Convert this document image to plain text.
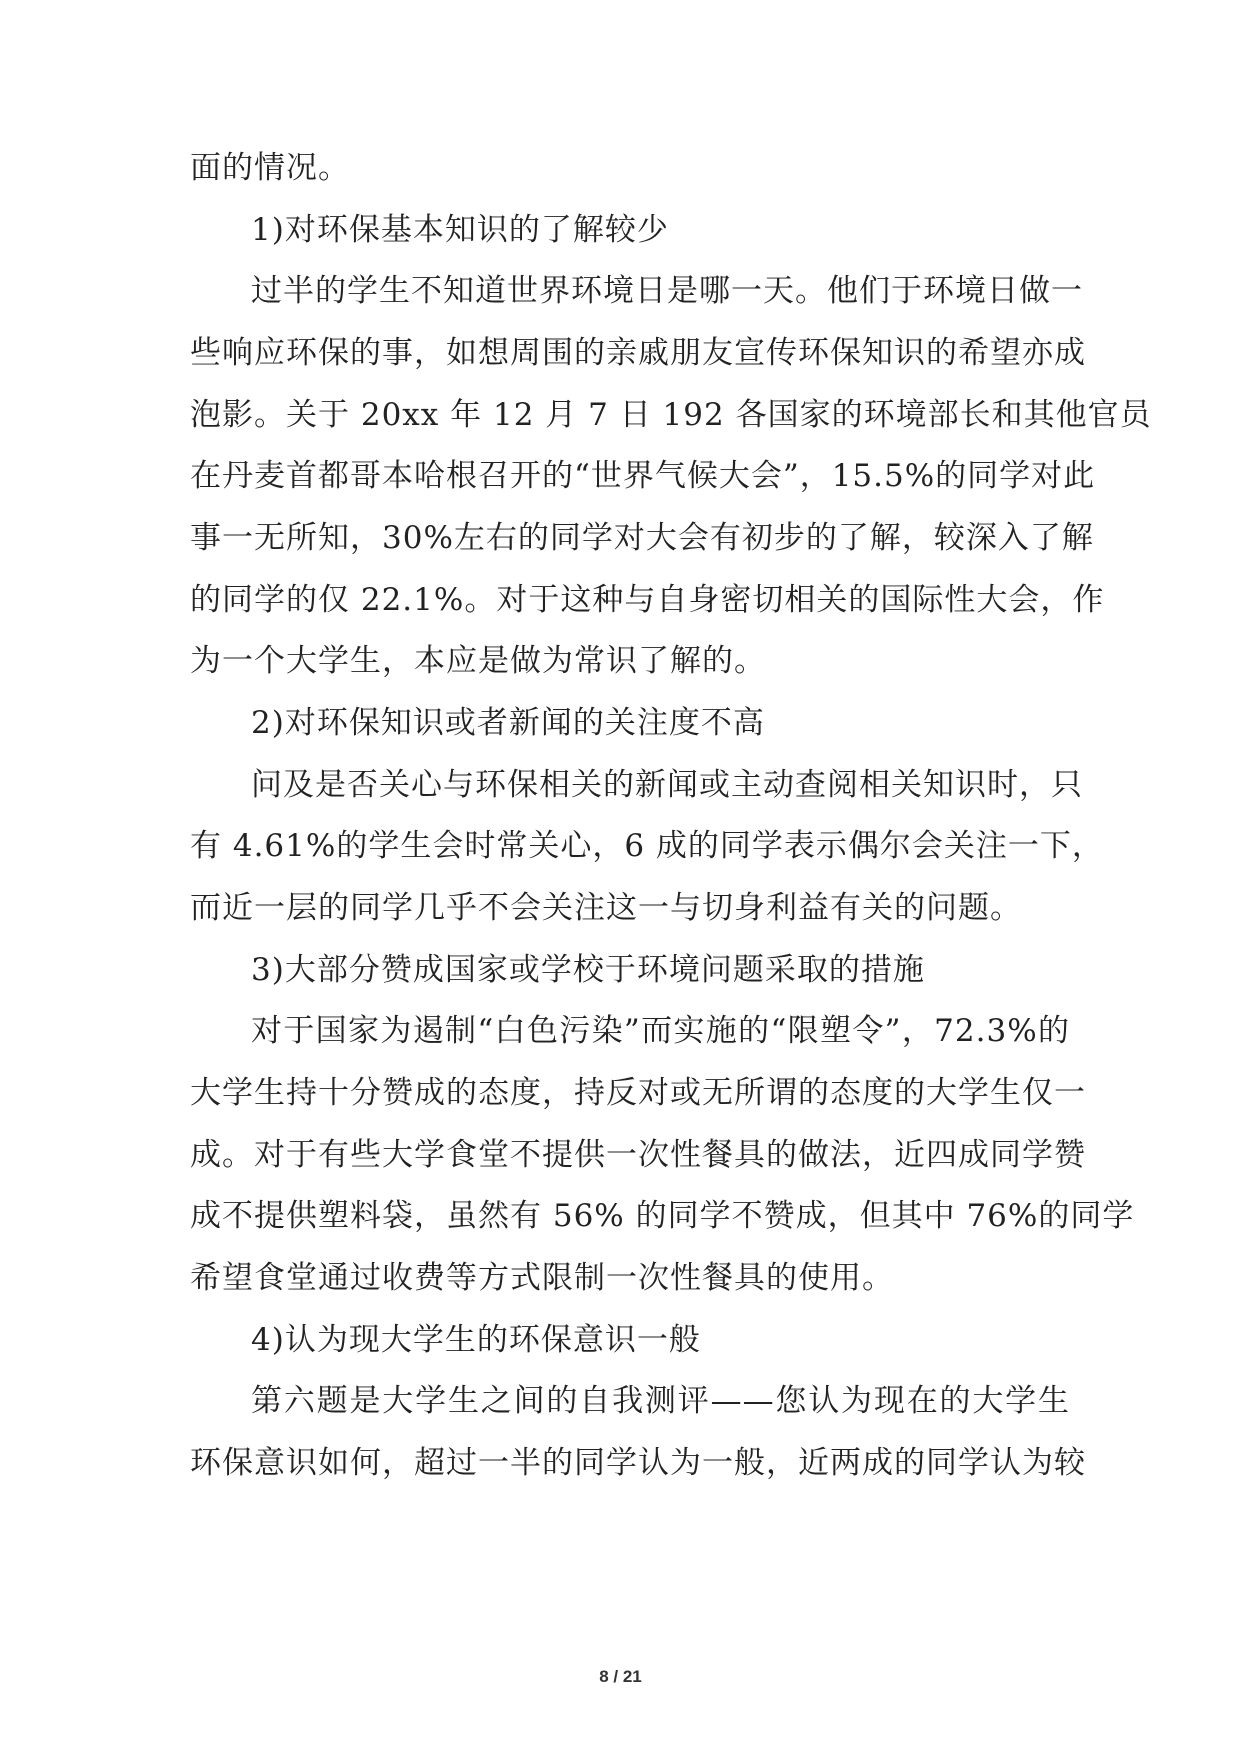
面的情况。
1)对环保基本知识的了解较少
过半的学生不知道世界环境日是哪一天。他们于环境日做一
些响应环保的事，如想周围的亲戚朋友宣传环保知识的希望亦成
泡影。关于 20xx 年 12 月 7 日 192 各国家的环境部长和其他官员
在丹麦首都哥本哈根召开的“世界气候大会”，15.5%的同学对此
事一无所知，30%左右的同学对大会有初步的了解，较深入了解
的同学的仅 22.1%。对于这种与自身密切相关的国际性大会，作
为一个大学生，本应是做为常识了解的。
2)对环保知识或者新闻的关注度不高
问及是否关心与环保相关的新闻或主动查阅相关知识时，只
有 4.61%的学生会时常关心，6 成的同学表示偶尔会关注一下，
而近一层的同学几乎不会关注这一与切身利益有关的问题。
3)大部分赞成国家或学校于环境问题采取的措施
对于国家为遏制“白色污染”而实施的“限塑令”，72.3%的
大学生持十分赞成的态度，持反对或无所谓的态度的大学生仅一
成。对于有些大学食堂不提供一次性餐具的做法，近四成同学赞
成不提供塑料袋，虽然有 56% 的同学不赞成，但其中 76%的同学
希望食堂通过收费等方式限制一次性餐具的使用。
4)认为现大学生的环保意识一般
第六题是大学生之间的自我测评——您认为现在的大学生
环保意识如何，超过一半的同学认为一般，近两成的同学认为较
8 / 21
